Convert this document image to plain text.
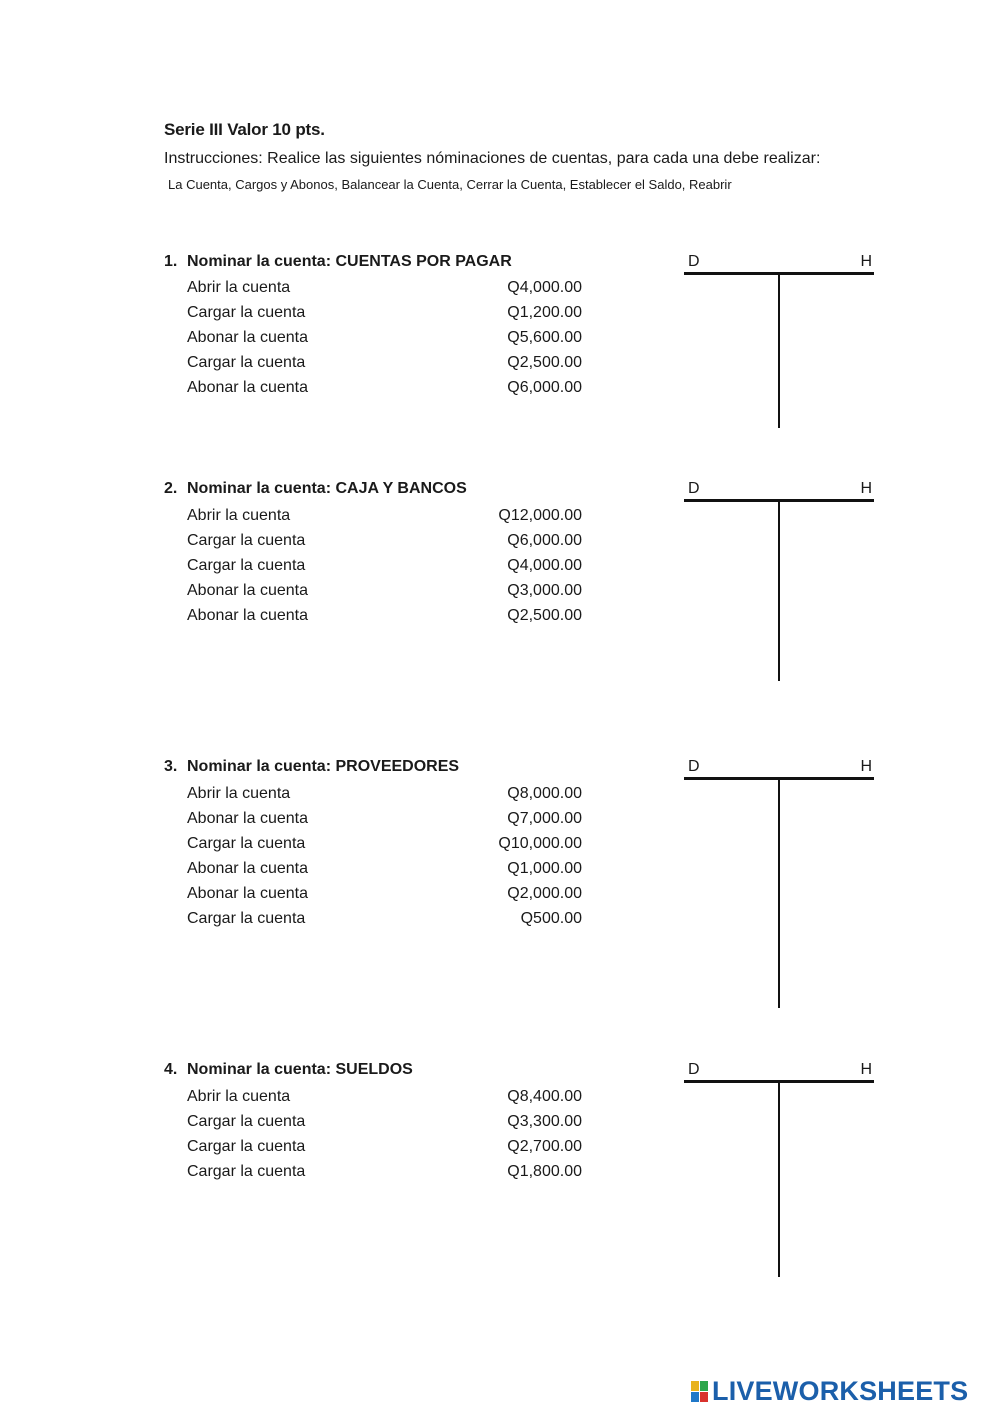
Serie III Valor 10 pts.

Instrucciones: Realice las siguientes nóminaciones de cuentas, para cada una debe realizar:

La Cuenta, Cargos y Abonos, Balancear la Cuenta, Cerrar la Cuenta, Establecer el Saldo, Reabrir

1. Nominar la cuenta: CUENTAS POR PAGAR
Abrir la cuenta	Q4,000.00
Cargar la cuenta	Q1,200.00
Abonar la cuenta	Q5,600.00
Cargar la cuenta	Q2,500.00
Abonar la cuenta	Q6,000.00
D	H
2. Nominar la cuenta: CAJA Y BANCOS
Abrir la cuenta	Q12,000.00
Cargar la cuenta	Q6,000.00
Cargar la cuenta	Q4,000.00
Abonar la cuenta	Q3,000.00
Abonar la cuenta	Q2,500.00
D	H
3. Nominar la cuenta: PROVEEDORES
Abrir la cuenta	Q8,000.00
Abonar la cuenta	Q7,000.00
Cargar la cuenta	Q10,000.00
Abonar la cuenta	Q1,000.00
Abonar la cuenta	Q2,000.00
Cargar la cuenta	Q500.00
D	H
4. Nominar la cuenta: SUELDOS
Abrir la cuenta	Q8,400.00
Cargar la cuenta	Q3,300.00
Cargar la cuenta	Q2,700.00
Cargar la cuenta	Q1,800.00
D	H
LIVEWORKSHEETS
